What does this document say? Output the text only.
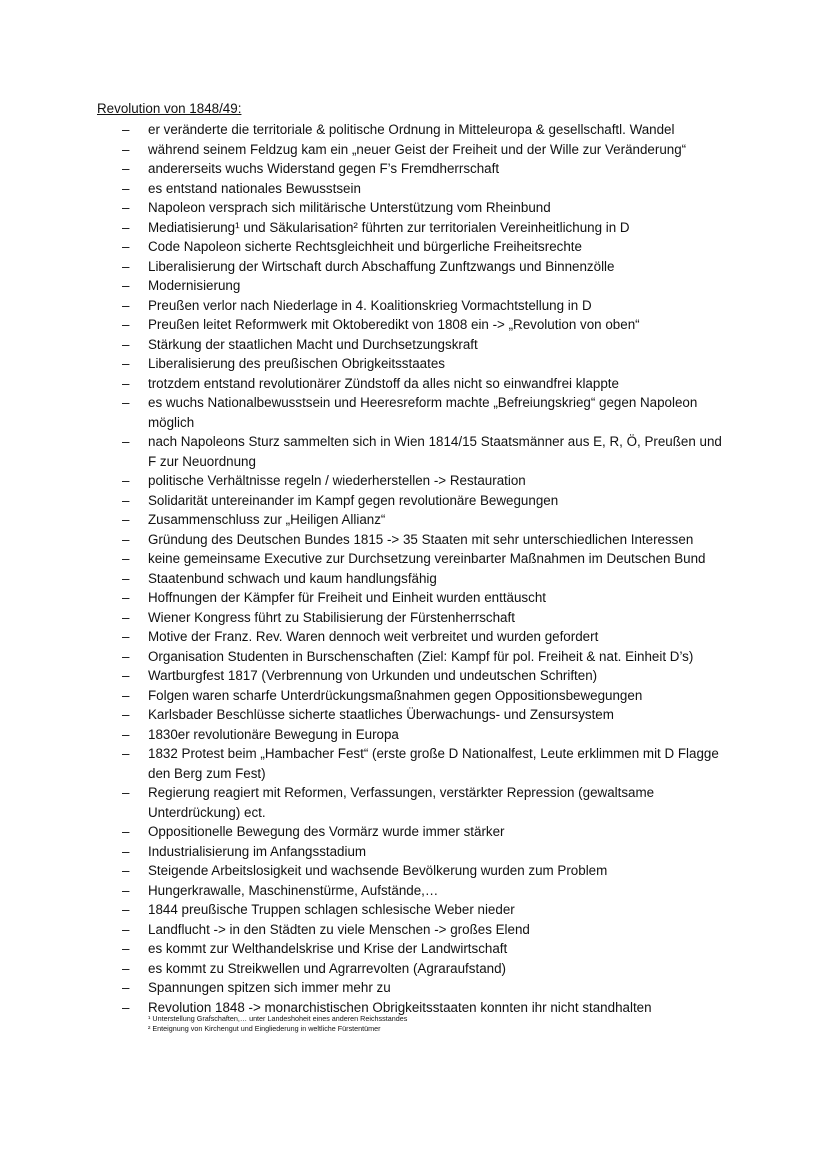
Revolution von 1848/49:
–	er veränderte die territoriale & politische Ordnung in Mitteleuropa & gesellschaftl. Wandel
–	während seinem Feldzug kam ein „neuer Geist der Freiheit und der Wille zur Veränderung“
–	andererseits wuchs Widerstand gegen F’s Fremdherrschaft
–	es entstand nationales Bewusstsein
–	Napoleon versprach sich militärische Unterstützung vom Rheinbund
–	Mediatisierung¹ und Säkularisation² führten zur territorialen Vereinheitlichung in D
–	Code Napoleon sicherte Rechtsgleichheit und bürgerliche Freiheitsrechte
–	Liberalisierung der Wirtschaft durch Abschaffung Zunftzwangs und Binnenzölle
–	Modernisierung
–	Preußen verlor nach Niederlage in 4. Koalitionskrieg Vormachtstellung in D
–	Preußen leitet Reformwerk mit Oktoberedikt von 1808 ein -> „Revolution von oben“
–	Stärkung der staatlichen Macht und Durchsetzungskraft
–	Liberalisierung des preußischen Obrigkeitsstaates
–	trotzdem entstand revolutionärer Zündstoff da alles nicht so einwandfrei klappte
–	es wuchs Nationalbewusstsein und Heeresreform machte „Befreiungskrieg“ gegen Napoleon möglich
–	nach Napoleons Sturz sammelten sich in Wien 1814/15 Staatsmänner aus E, R, Ö, Preußen und F zur Neuordnung
–	politische Verhältnisse regeln / wiederherstellen -> Restauration
–	Solidarität untereinander im Kampf gegen revolutionäre Bewegungen
–	Zusammenschluss zur „Heiligen Allianz“
–	Gründung des Deutschen Bundes 1815 -> 35 Staaten mit sehr unterschiedlichen Interessen
–	keine gemeinsame Executive zur Durchsetzung vereinbarter Maßnahmen im Deutschen Bund
–	Staatenbund schwach und kaum handlungsfähig
–	Hoffnungen der Kämpfer für Freiheit und Einheit wurden enttäuscht
–	Wiener Kongress führt zu Stabilisierung der Fürstenherrschaft
–	Motive der Franz. Rev. Waren dennoch weit verbreitet und wurden gefordert
–	Organisation Studenten in Burschenschaften (Ziel: Kampf für pol. Freiheit & nat. Einheit D’s)
–	Wartburgfest 1817 (Verbrennung von Urkunden und undeutschen Schriften)
–	Folgen waren scharfe Unterdrückungsmaßnahmen gegen Oppositionsbewegungen
–	Karlsbader Beschlüsse sicherte staatliches Überwachungs- und Zensursystem
–	1830er revolutionäre Bewegung in Europa
–	1832 Protest beim „Hambacher Fest“ (erste große D Nationalfest, Leute erklimmen mit D Flagge den Berg zum Fest)
–	Regierung reagiert mit Reformen, Verfassungen, verstärkter Repression (gewaltsame Unterdrückung) ect.
–	Oppositionelle Bewegung des Vormärz wurde immer stärker
–	Industrialisierung im Anfangsstadium
–	Steigende Arbeitslosigkeit und wachsende Bevölkerung wurden zum Problem
–	Hungerkrawalle, Maschinenstürme, Aufstände,…
–	1844 preußische Truppen schlagen schlesische Weber nieder
–	Landflucht -> in den Städten zu viele Menschen -> großes Elend
–	es kommt zur Welthandelskrise und Krise der Landwirtschaft
–	es kommt zu Streikwellen und Agrarrevolten (Agraraufstand)
–	Spannungen spitzen sich immer mehr zu
–	Revolution 1848 -> monarchistischen Obrigkeitsstaaten konnten ihr nicht standhalten
¹ Unterstellung Grafschaften,… unter Landeshoheit eines anderen Reichsstandes
² Enteignung von Kirchengut und Eingliederung in weltliche Fürstentümer
